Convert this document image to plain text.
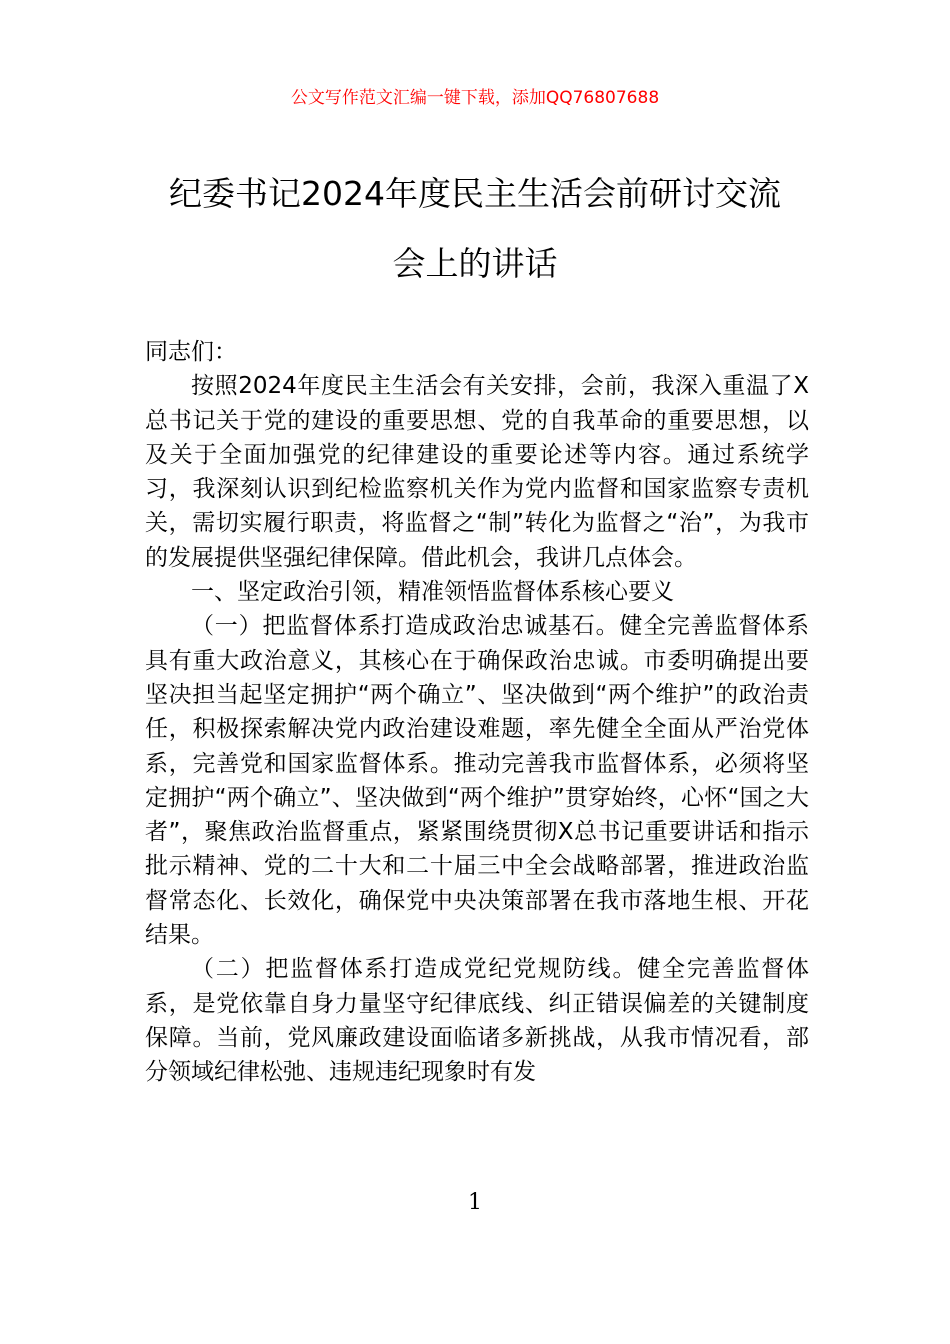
公文写作范文汇编一键下载，添加QQ76807688
纪委书记2024年度民主生活会前研讨交流
会上的讲话

同志们：

按照2024年度民主生活会有关安排，会前，我深入重温了X总书记关于党的建设的重要思想、党的自我革命的重要思想，以及关于全面加强党的纪律建设的重要论述等内容。通过系统学习，我深刻认识到纪检监察机关作为党内监督和国家监察专责机关，需切实履行职责，将监督之“制”转化为监督之“治”，为我市的发展提供坚强纪律保障。借此机会，我讲几点体会。

一、坚定政治引领，精准领悟监督体系核心要义

（一）把监督体系打造成政治忠诚基石。健全完善监督体系具有重大政治意义，其核心在于确保政治忠诚。市委明确提出要坚决担当起坚定拥护“两个确立”、坚决做到“两个维护”的政治责任，积极探索解决党内政治建设难题，率先健全全面从严治党体系，完善党和国家监督体系。推动完善我市监督体系，必须将坚定拥护“两个确立”、坚决做到“两个维护”贯穿始终，心怀“国之大者”，聚焦政治监督重点，紧紧围绕贯彻X总书记重要讲话和指示批示精神、党的二十大和二十届三中全会战略部署，推进政治监督常态化、长效化，确保党中央决策部署在我市落地生根、开花结果。

（二）把监督体系打造成党纪党规防线。健全完善监督体系，是党依靠自身力量坚守纪律底线、纠正错误偏差的关键制度保障。当前，党风廉政建设面临诸多新挑战，从我市情况看，部分领域纪律松弛、违规违纪现象时有发

1
